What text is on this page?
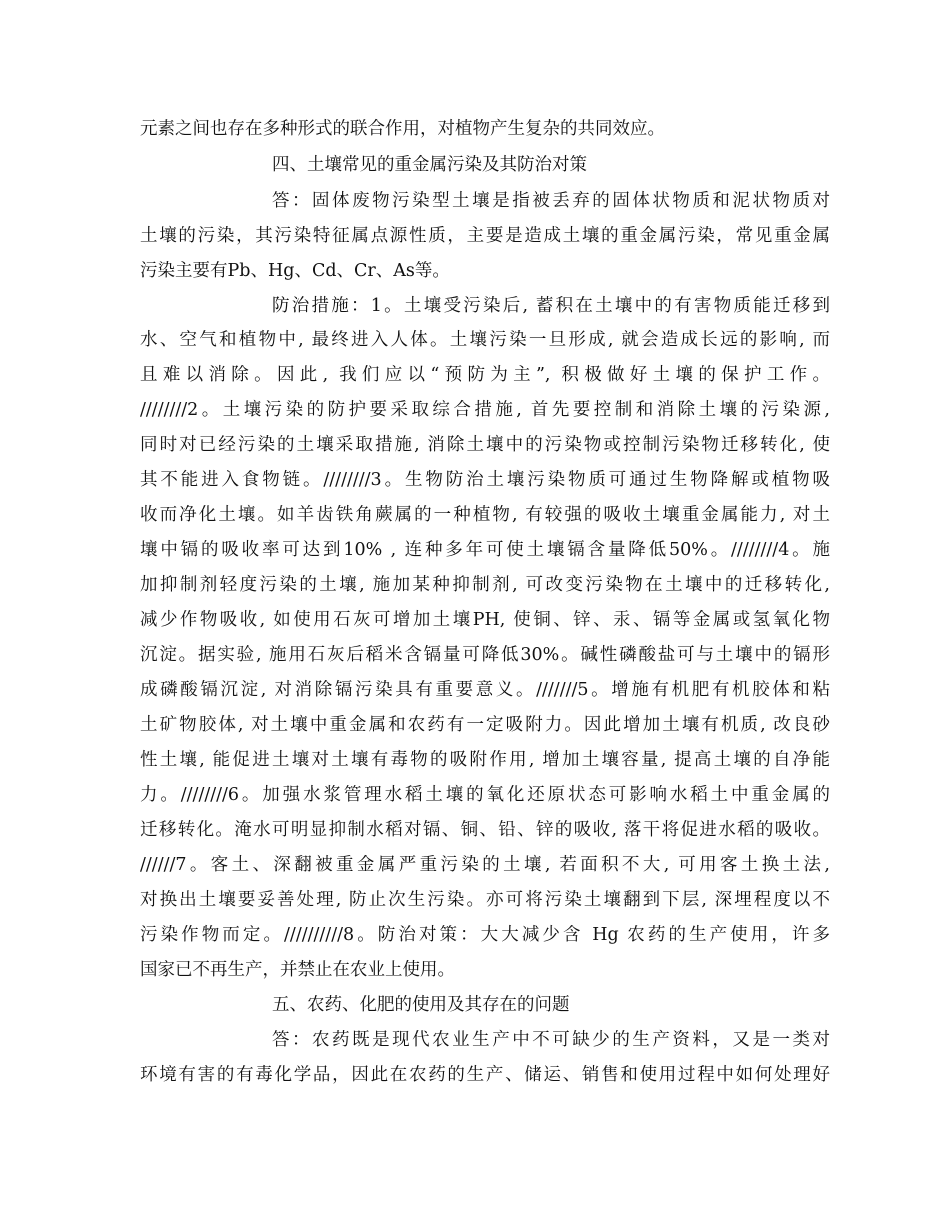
元素之间也存在多种形式的联合作用，对植物产生复杂的共同效应。
四、土壤常见的重金属污染及其防治对策
答：固体废物污染型土壤是指被丢弃的固体状物质和泥状物质对
土壤的污染，其污染特征属点源性质，主要是造成土壤的重金属污染，常见重金属
污染主要有Pb、Hg、Cd、Cr、As等。
防治措施：1。土壤受污染后, 蓄积在土壤中的有害物质能迁移到
水、空气和植物中, 最终进入人体。土壤污染一旦形成, 就会造成长远的影响, 而
且难以消除。因此, 我们应以“预防为主”, 积极做好土壤的保护工作。
////////2。土壤污染的防护要采取综合措施, 首先要控制和消除土壤的污染源,
同时对已经污染的土壤采取措施, 消除土壤中的污染物或控制污染物迁移转化, 使
其不能进入食物链。////////3。生物防治土壤污染物质可通过生物降解或植物吸
收而净化土壤。如羊齿铁角蕨属的一种植物, 有较强的吸收土壤重金属能力, 对土
壤中镉的吸收率可达到10% , 连种多年可使土壤镉含量降低50%。////////4。施
加抑制剂轻度污染的土壤, 施加某种抑制剂, 可改变污染物在土壤中的迁移转化,
减少作物吸收, 如使用石灰可增加土壤PH, 使铜、锌、汞、镉等金属或氢氧化物
沉淀。据实验, 施用石灰后稻米含镉量可降低30%。碱性磷酸盐可与土壤中的镉形
成磷酸镉沉淀, 对消除镉污染具有重要意义。///////5。增施有机肥有机胶体和粘
土矿物胶体, 对土壤中重金属和农药有一定吸附力。因此增加土壤有机质, 改良砂
性土壤, 能促进土壤对土壤有毒物的吸附作用, 增加土壤容量, 提高土壤的自净能
力。////////6。加强水浆管理水稻土壤的氧化还原状态可影响水稻土中重金属的
迁移转化。淹水可明显抑制水稻对镉、铜、铅、锌的吸收, 落干将促进水稻的吸收。
//////7。客土、深翻被重金属严重污染的土壤, 若面积不大, 可用客土换土法,
对换出土壤要妥善处理, 防止次生污染。亦可将污染土壤翻到下层, 深埋程度以不
污染作物而定。//////////8。防治对策：大大减少含 Hg 农药的生产使用，许多
国家已不再生产，并禁止在农业上使用。
五、农药、化肥的使用及其存在的问题
答：农药既是现代农业生产中不可缺少的生产资料，又是一类对
环境有害的有毒化学品，因此在农药的生产、储运、销售和使用过程中如何处理好
